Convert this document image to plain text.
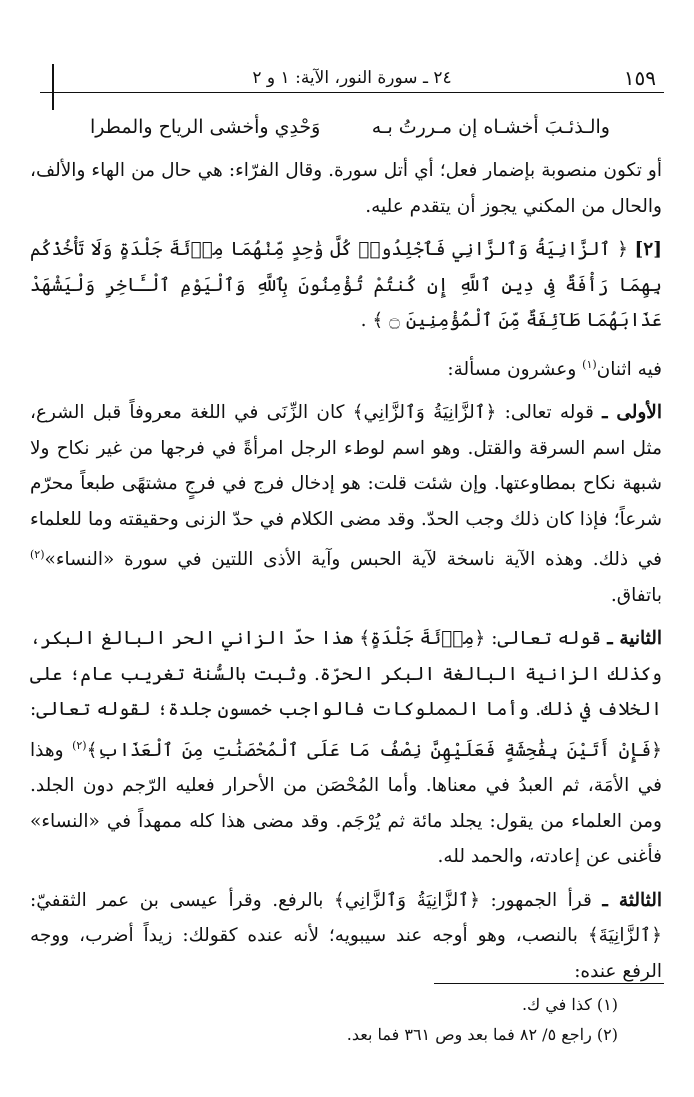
١٥٩
٢٤ ـ سورة النور، الآية: ١ و ٢
والـذئـبَ أخشـاه إن مـررتُ بـه
وَحْدِي وأخشى الرياح والمطرا

أو تكون منصوبة بإضمار فعل؛ أي أتل سورة. وقال الفرّاء: هي حال من الهاء والألف، والحال من المكني يجوز أن يتقدم عليه.

[٢] ﴿ ٱلزَّانِيَةُ وَٱلزَّانِي فَٱجْلِدُوا۟ كُلَّ وَٰحِدٍ مِّنْهُمَا مِا۟ئَةَ جَلْدَةٍ وَلَا تَأْخُذْكُم بِهِمَا رَأْفَةٌ فِى دِينِ ٱللَّهِ إِن كُنتُمْ تُؤْمِنُونَ بِٱللَّهِ وَٱلْيَوْمِ ٱلْـَٔاخِرِ وَلْيَشْهَدْ عَذَابَهُمَا طَآئِفَةٌ مِّنَ ٱلْمُؤْمِنِينَ ۝ ﴾ .

فيه اثنان$^{(١)}$ وعشرون مسألة:

الأولى ـ قوله تعالى: ﴿ٱلزَّانِيَةُ وَٱلزَّانِي﴾ كان الزِّنَى في اللغة معروفاً قبل الشرع، مثل اسم السرقة والقتل. وهو اسم لوطء الرجل امرأةً في فرجها من غير نكاح ولا شبهة نكاح بمطاوعتها. وإن شئت قلت: هو إدخال فرج في فرجٍ مشتهًى طبعاً محرّم شرعاً؛ فإذا كان ذلك وجب الحدّ. وقد مضى الكلام في حدّ الزنى وحقيقته وما للعلماء في ذلك. وهذه الآية ناسخة لآية الحبس وآية الأذى اللتين في سورة «النساء»$^{(٢)}$ باتفاق.

الثانية ـ قوله تعالى: ﴿مِا۟ئَةَ جَلْدَةٍ﴾ هذا حدّ الزاني الحر البالغ البكر، وكذلك الزانية البالغة البكر الحرّة. وثبت بالسُّنة تغريب عام؛ على الخلاف في ذلك. وأما المملوكات فالواجب خمسون جلدة؛ لقوله تعالى: ﴿فَإِنْ أَتَيْنَ بِفَٰحِشَةٍ فَعَلَيْهِنَّ نِصْفُ مَا عَلَى ٱلْمُحْصَنَٰتِ مِنَ ٱلْعَذَابِ﴾$^{(٢)}$ وهذا في الأمَة، ثم العبدُ في معناها. وأما المُحْصَن من الأحرار فعليه الرّجم دون الجلد. ومن العلماء من يقول: يجلد مائة ثم يُرْجَم. وقد مضى هذا كله ممهداً في «النساء» فأغنى عن إعادته، والحمد لله.

الثالثة ـ قرأ الجمهور: ﴿ٱلزَّانِيَةُ وَٱلزَّانِي﴾ بالرفع. وقرأ عيسى بن عمر الثقفيّ: ﴿ٱلزَّانِيَةَ﴾ بالنصب، وهو أوجه عند سيبويه؛ لأنه عنده كقولك: زيداً أضرب، ووجه الرفع عنده:

(١) كذا في ك.
(٢) راجع ٥/ ٨٢ فما بعد وص ٣٦١ فما بعد.
